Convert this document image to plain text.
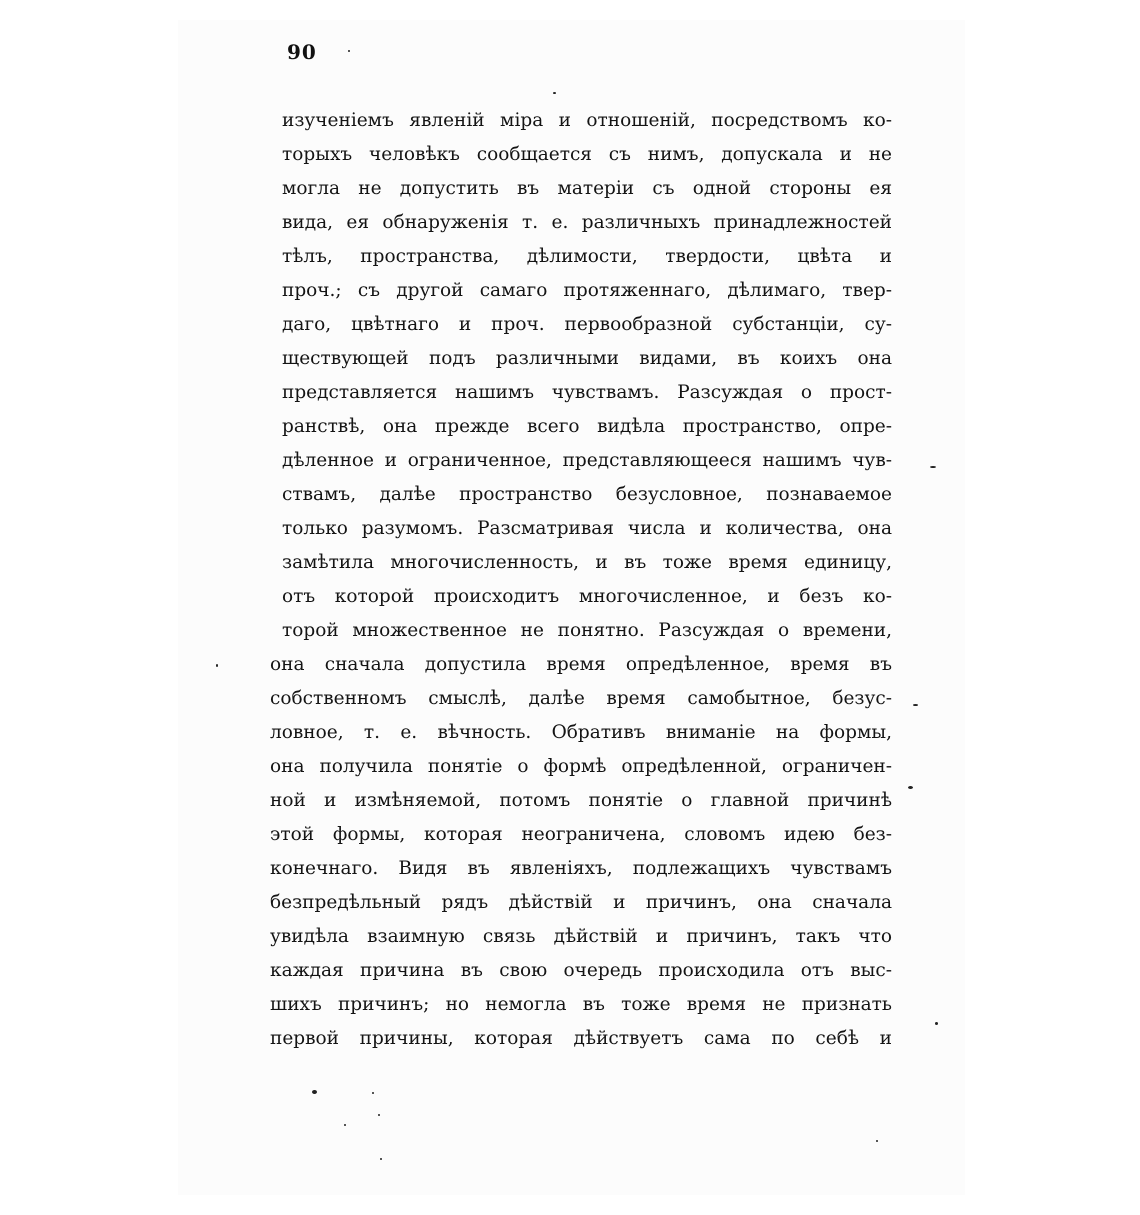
90
изученіемъ явленій міра и отношеній, посредствомъ ко-
торыхъ человѣкъ сообщается съ нимъ, допускала и не
могла не допустить въ матеріи съ одной стороны ея
вида, ея обнаруженія т. е. различныхъ принадлежностей
тѣлъ, пространства, дѣлимости, твердости, цвѣта и
проч.; съ другой самаго протяженнаго, дѣлимаго, твер-
даго, цвѣтнаго и проч. первообразной субстанціи, су-
ществующей подъ различными видами, въ коихъ она
представляется нашимъ чувствамъ. Разсуждая о прост-
ранствѣ, она прежде всего видѣла пространство, опре-
дѣленное и ограниченное, представляющееся нашимъ чув-
ствамъ, далѣе пространство безусловное, познаваемое
только разумомъ. Разсматривая числа и количества, она
замѣтила многочисленность, и въ тоже время единицу,
отъ которой происходитъ многочисленное, и безъ ко-
торой множественное не понятно. Разсуждая о времени,
она сначала допустила время опредѣленное, время въ
собственномъ смыслѣ, далѣе время самобытное, безус-
ловное, т. е. вѣчность. Обративъ вниманіе на формы,
она получила понятіе о формѣ опредѣленной, ограничен-
ной и измѣняемой, потомъ понятіе о главной причинѣ
этой формы, которая неограничена, словомъ идею без-
конечнаго. Видя въ явленіяхъ, подлежащихъ чувствамъ
безпредѣльный рядъ дѣйствій и причинъ, она сначала
увидѣла взаимную связь дѣйствій и причинъ, такъ что
каждая причина въ свою очередь происходила отъ выс-
шихъ причинъ; но немогла въ тоже время не признать
первой причины, которая дѣйствуетъ сама по себѣ и
